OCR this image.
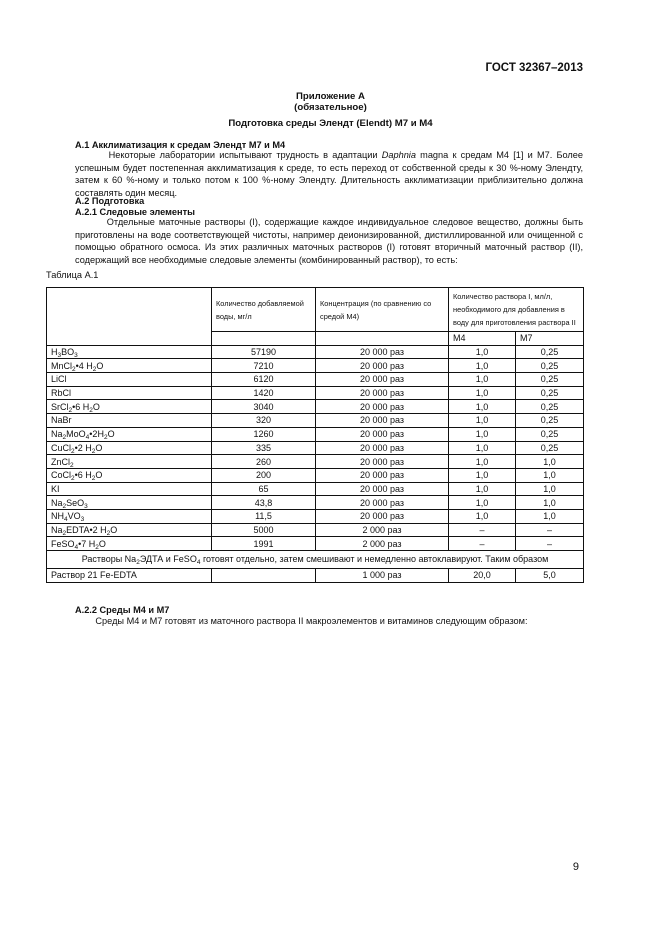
ГОСТ 32367–2013
Приложение А
(обязательное)
Подготовка среды Элендт (Elendt) M7 и M4
А.1 Акклиматизация к средам Элендт M7 и M4
Некоторые лаборатории испытывают трудность в адаптации Daphnia magna к средам М4 [1] и М7. Более успешным будет постепенная акклиматизация к среде, то есть переход от собственной среды к 30 %-ному Элендту, затем к 60 %-ному и только потом к 100 %-ному Элендту. Длительность акклиматизации приблизительно должна составлять один месяц.
А.2 Подготовка
А.2.1 Следовые элементы
Отдельные маточные растворы (I), содержащие каждое индивидуальное следовое вещество, должны быть приготовлены на воде соответствующей чистоты, например деионизированной, дистиллированной или очищенной с помощью обратного осмоса. Из этих различных маточных растворов (I) готовят вторичный маточный раствор (II), содержащий все необходимые следовые элементы (комбинированный раствор), то есть:
Таблица А.1
	Количество добавляемой воды, мг/л	Концентрация (по сравнению со средой М4)	Количество раствора I, мл/л, необходимого для добавления в воду для приготовления раствора II	
			M4	M7
$H_3BO_3$	57190	20 000 раз	1,0	0,25
MnCl$_2$•4 $H_2O$	7210	20 000 раз	1,0	0,25
LiCl	6120	20 000 раз	1,0	0,25
RbCl	1420	20 000 раз	1,0	0,25
SrCl$_2$•6 $H_2O$	3040	20 000 раз	1,0	0,25
NaBr	320	20 000 раз	1,0	0,25
$Na_2MoO_4•2H_2O$	1260	20 000 раз	1,0	0,25
CuCl$_2$•2 $H_2O$	335	20 000 раз	1,0	0,25
ZnCl$_2$	260	20 000 раз	1,0	1,0
CoCl$_2$•6 $H_2O$	200	20 000 раз	1,0	1,0
KI	65	20 000 раз	1,0	1,0
$Na_2SeO_3$	43,8	20 000 раз	1,0	1,0
$NH_4VO_3$	11,5	20 000 раз	1,0	1,0
$Na_2EDTA•2$ $H_2O$	5000	2 000 раз	–	–
FeSO$_4$•7 $H_2O$	1991	2 000 раз	–	–
Растворы $Na_2ЭДТА$ и FeSO$_4$ готовят отдельно, затем смешивают и немедленно автоклавируют. Таким образом				
Раствор 21 Fe-EDTA		1 000 раз	20,0	5,0
А.2.2 Среды М4 и М7
Среды М4 и М7 готовят из маточного раствора II макроэлементов и витаминов следующим образом:
9
